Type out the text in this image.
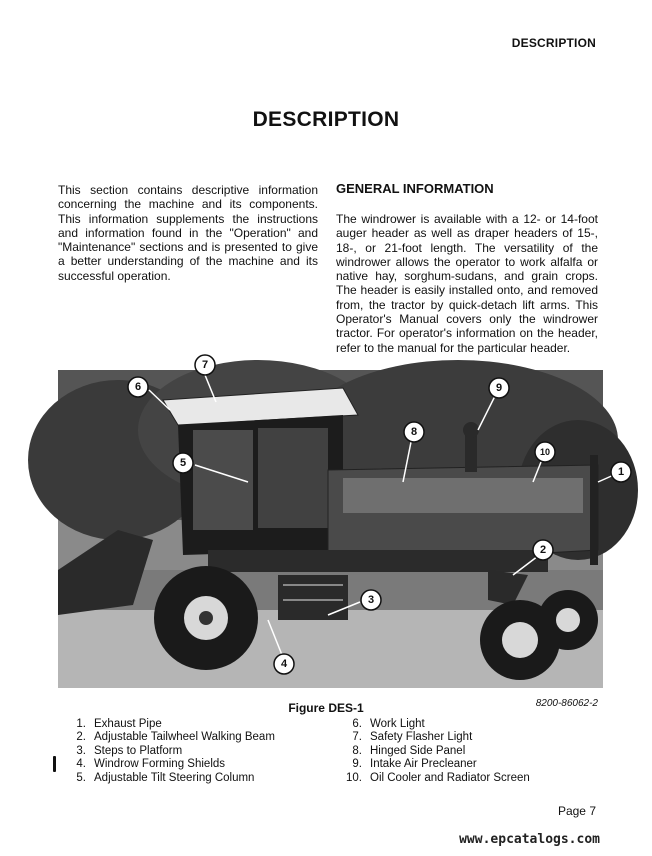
DESCRIPTION
DESCRIPTION
This section contains descriptive information concerning the machine and its components. This information supplements the instructions and information found in the "Operation" and "Maintenance" sections and is presented to give a better understanding of the machine and its successful operation.
GENERAL INFORMATION
The windrower is available with a 12- or 14-foot auger header as well as draper headers of 15-, 18-, or 21-foot length. The versatility of the windrower allows the operator to work alfalfa or native hay, sorghum-sudans, and grain crops. The header is easily installed onto, and removed from, the tractor by quick-detach lift arms. This Operator's Manual covers only the windrower tractor. For operator's information on the header, refer to the manual for the particular header.
1
2
3
4
5
6
7
8
9
10
8200-86062-2
Figure DES-1
1. Exhaust Pipe
2. Adjustable Tailwheel Walking Beam
3. Steps to Platform
4. Windrow Forming Shields
5. Adjustable Tilt Steering Column
6. Work Light
7. Safety Flasher Light
8. Hinged Side Panel
9. Intake Air Precleaner
10. Oil Cooler and Radiator Screen
Page 7
www.epcatalogs.com
